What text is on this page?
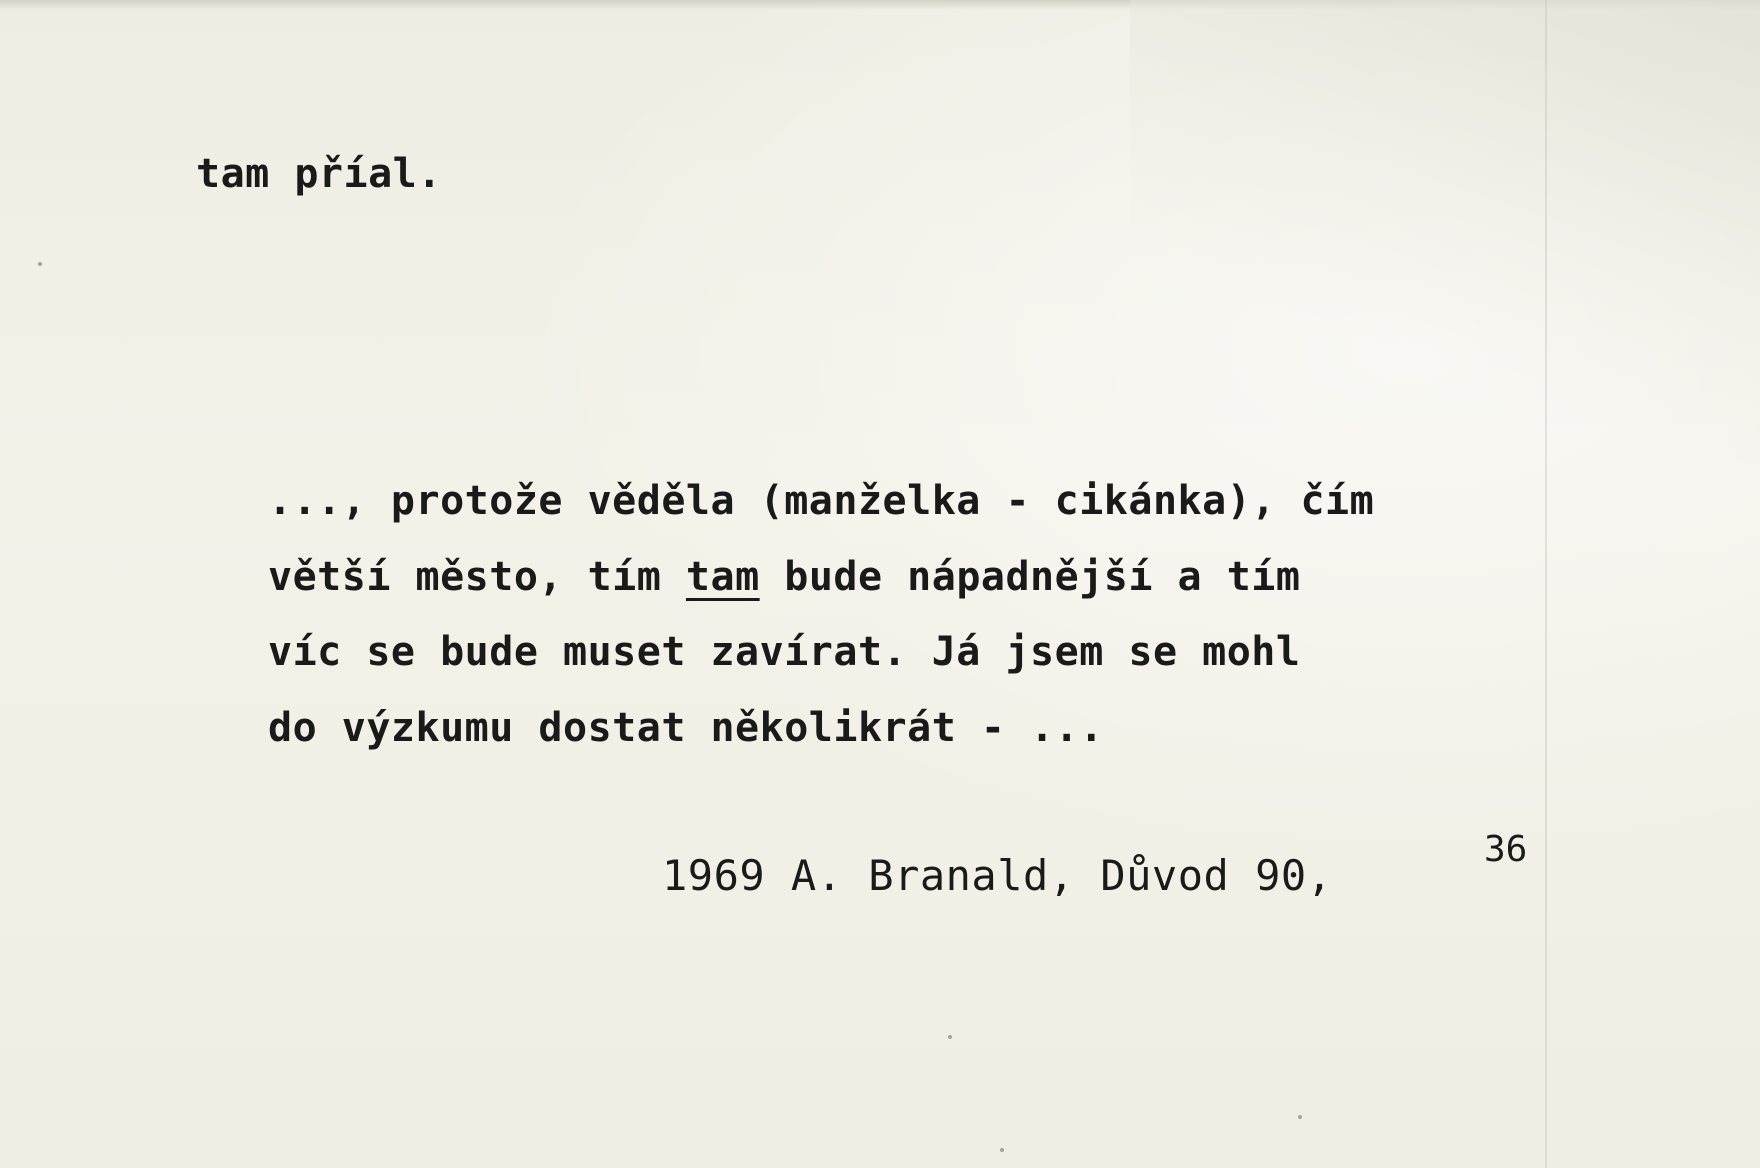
tam příal.

..., protože věděla (manželka - cikánka), čím

větší město, tím tam bude nápadnější a tím

víc se bude muset zavírat. Já jsem se mohl

do výzkumu dostat několikrát - ...

1969 A. Branald, Důvod 90,

36
